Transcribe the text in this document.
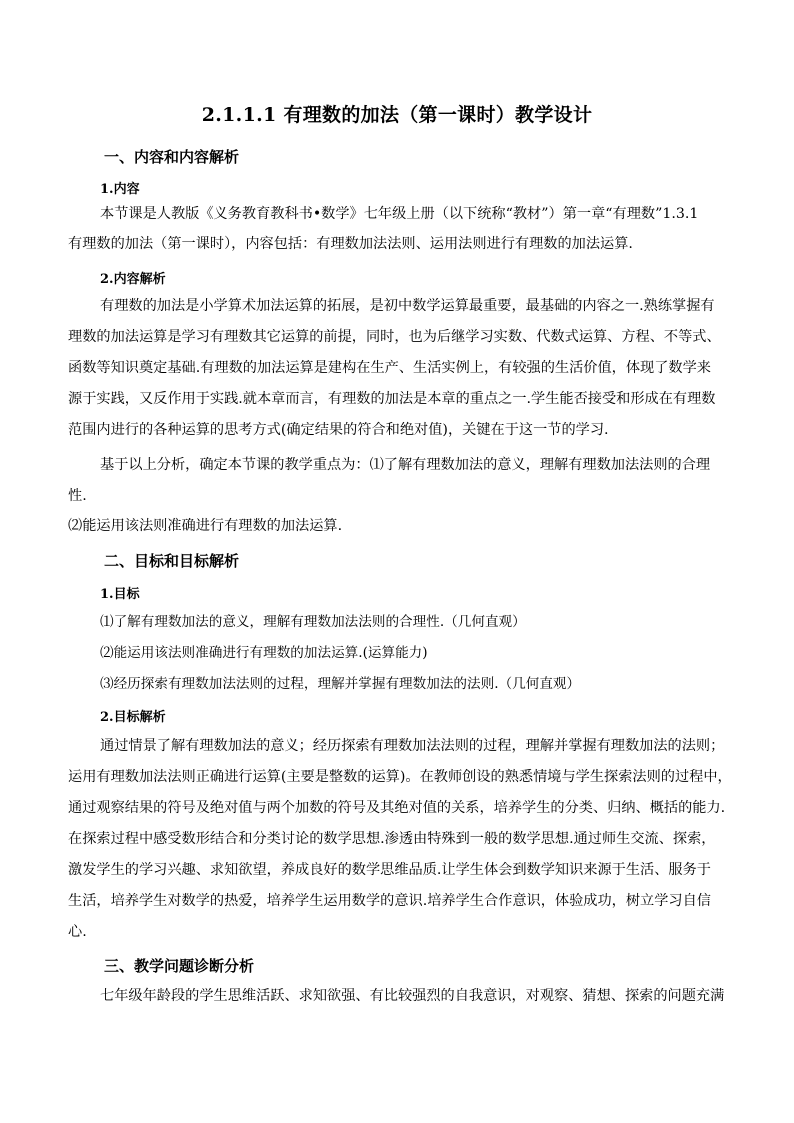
2.1.1.1 有理数的加法（第一课时）教学设计
一、内容和内容解析
1.内容
本节课是人教版《义务教育教科书•数学》七年级上册（以下统称“教材”）第一章“有理数”1.3.1
有理数的加法（第一课时），内容包括：有理数加法法则、运用法则进行有理数的加法运算.
2.内容解析
有理数的加法是小学算术加法运算的拓展，是初中数学运算最重要，最基础的内容之一.熟练掌握有
理数的加法运算是学习有理数其它运算的前提，同时，也为后继学习实数、代数式运算、方程、不等式、
函数等知识奠定基础.有理数的加法运算是建构在生产、生活实例上，有较强的生活价值，体现了数学来
源于实践，又反作用于实践.就本章而言，有理数的加法是本章的重点之一.学生能否接受和形成在有理数
范围内进行的各种运算的思考方式(确定结果的符合和绝对值)，关键在于这一节的学习.
基于以上分析，确定本节课的教学重点为：⑴了解有理数加法的意义，理解有理数加法法则的合理
性.
⑵能运用该法则准确进行有理数的加法运算.
二、目标和目标解析
1.目标
⑴了解有理数加法的意义，理解有理数加法法则的合理性.（几何直观）
⑵能运用该法则准确进行有理数的加法运算.(运算能力)
⑶经历探索有理数加法法则的过程，理解并掌握有理数加法的法则.（几何直观）
2.目标解析
通过情景了解有理数加法的意义；经历探索有理数加法法则的过程，理解并掌握有理数加法的法则；
运用有理数加法法则正确进行运算(主要是整数的运算)。在教师创设的熟悉情境与学生探索法则的过程中，
通过观察结果的符号及绝对值与两个加数的符号及其绝对值的关系，培养学生的分类、归纳、概括的能力.
在探索过程中感受数形结合和分类讨论的数学思想.渗透由特殊到一般的数学思想.通过师生交流、探索，
激发学生的学习兴趣、求知欲望，养成良好的数学思维品质.让学生体会到数学知识来源于生活、服务于
生活，培养学生对数学的热爱，培养学生运用数学的意识.培养学生合作意识，体验成功，树立学习自信
心.
三、教学问题诊断分析
七年级年龄段的学生思维活跃、求知欲强、有比较强烈的自我意识，对观察、猜想、探索的问题充满
